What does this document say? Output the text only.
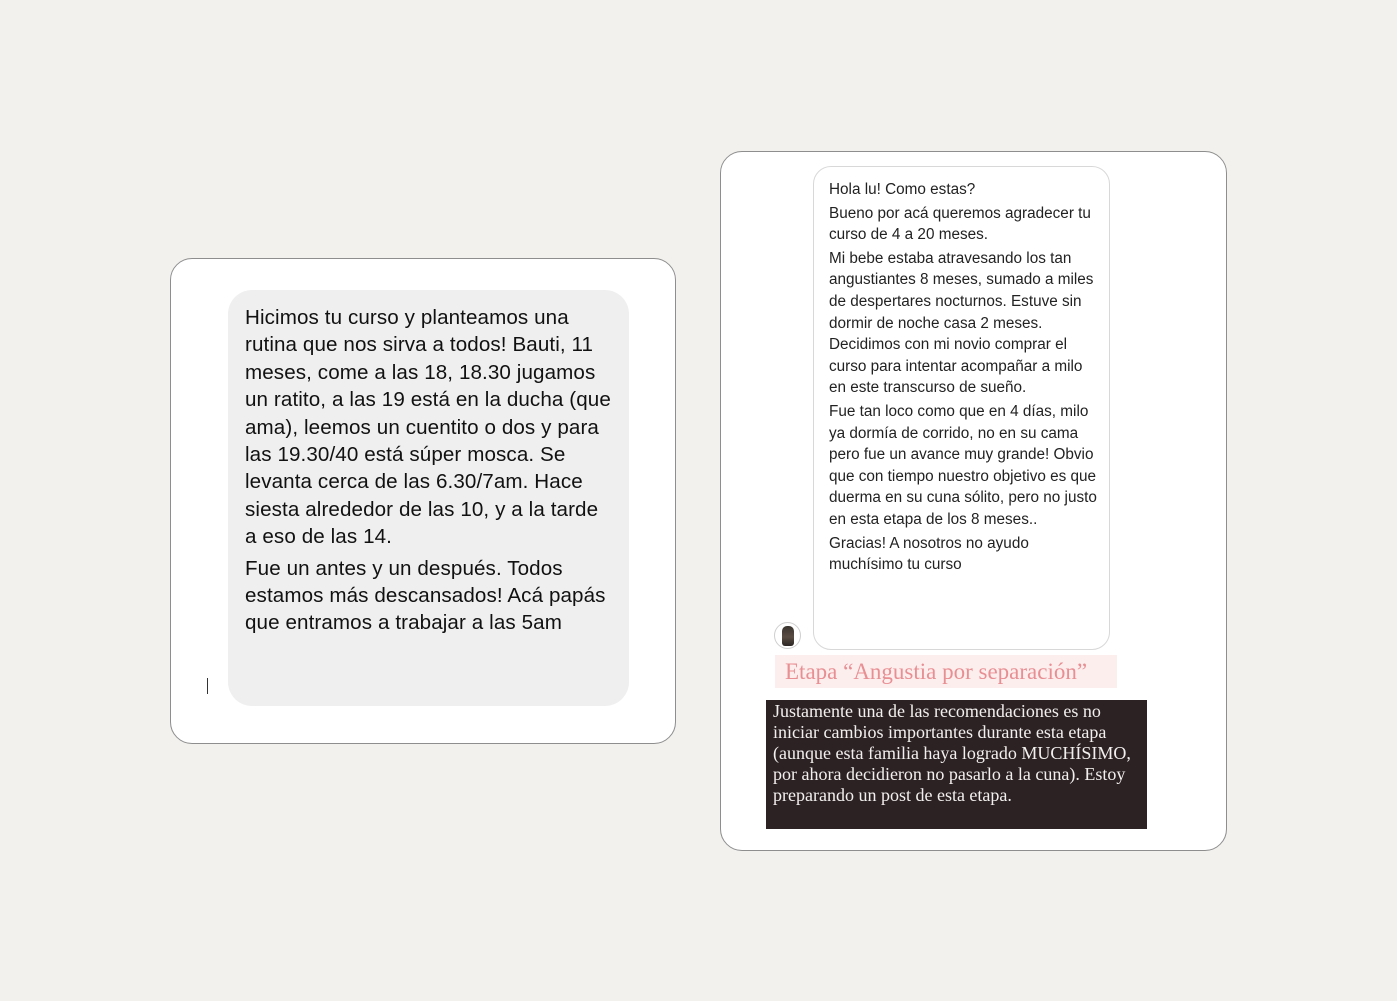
Hicimos tu curso y planteamos una rutina que nos sirva a todos! Bauti, 11 meses, come a las 18, 18.30 jugamos un ratito, a las 19 está en la ducha (que ama), leemos un cuentito o dos y para las 19.30/40 está súper mosca. Se levanta cerca de las 6.30/7am. Hace siesta alrededor de las 10, y a la tarde a eso de las 14.

Fue un antes y un después. Todos estamos más descansados! Acá papás que entramos a trabajar a las 5am

Hola lu! Como estas?

Bueno por acá queremos agradecer tu curso de 4 a 20 meses.

Mi bebe estaba atravesando los tan angustiantes 8 meses, sumado a miles de despertares nocturnos. Estuve sin dormir de noche casa 2 meses. Decidimos con mi novio comprar el curso para intentar acompañar a milo en este transcurso de sueño.

Fue tan loco como que en 4 días, milo ya dormía de corrido, no en su cama pero fue un avance muy grande! Obvio que con tiempo nuestro objetivo es que duerma en su cuna sólito, pero no justo en esta etapa de los 8 meses..

Gracias! A nosotros no ayudo muchísimo tu curso

Etapa “Angustia por separación”
Justamente una de las recomendaciones es no iniciar cambios importantes durante esta etapa (aunque esta familia haya logrado MUCHÍSIMO, por ahora decidieron no pasarlo a la cuna). Estoy preparando un post de esta etapa.
